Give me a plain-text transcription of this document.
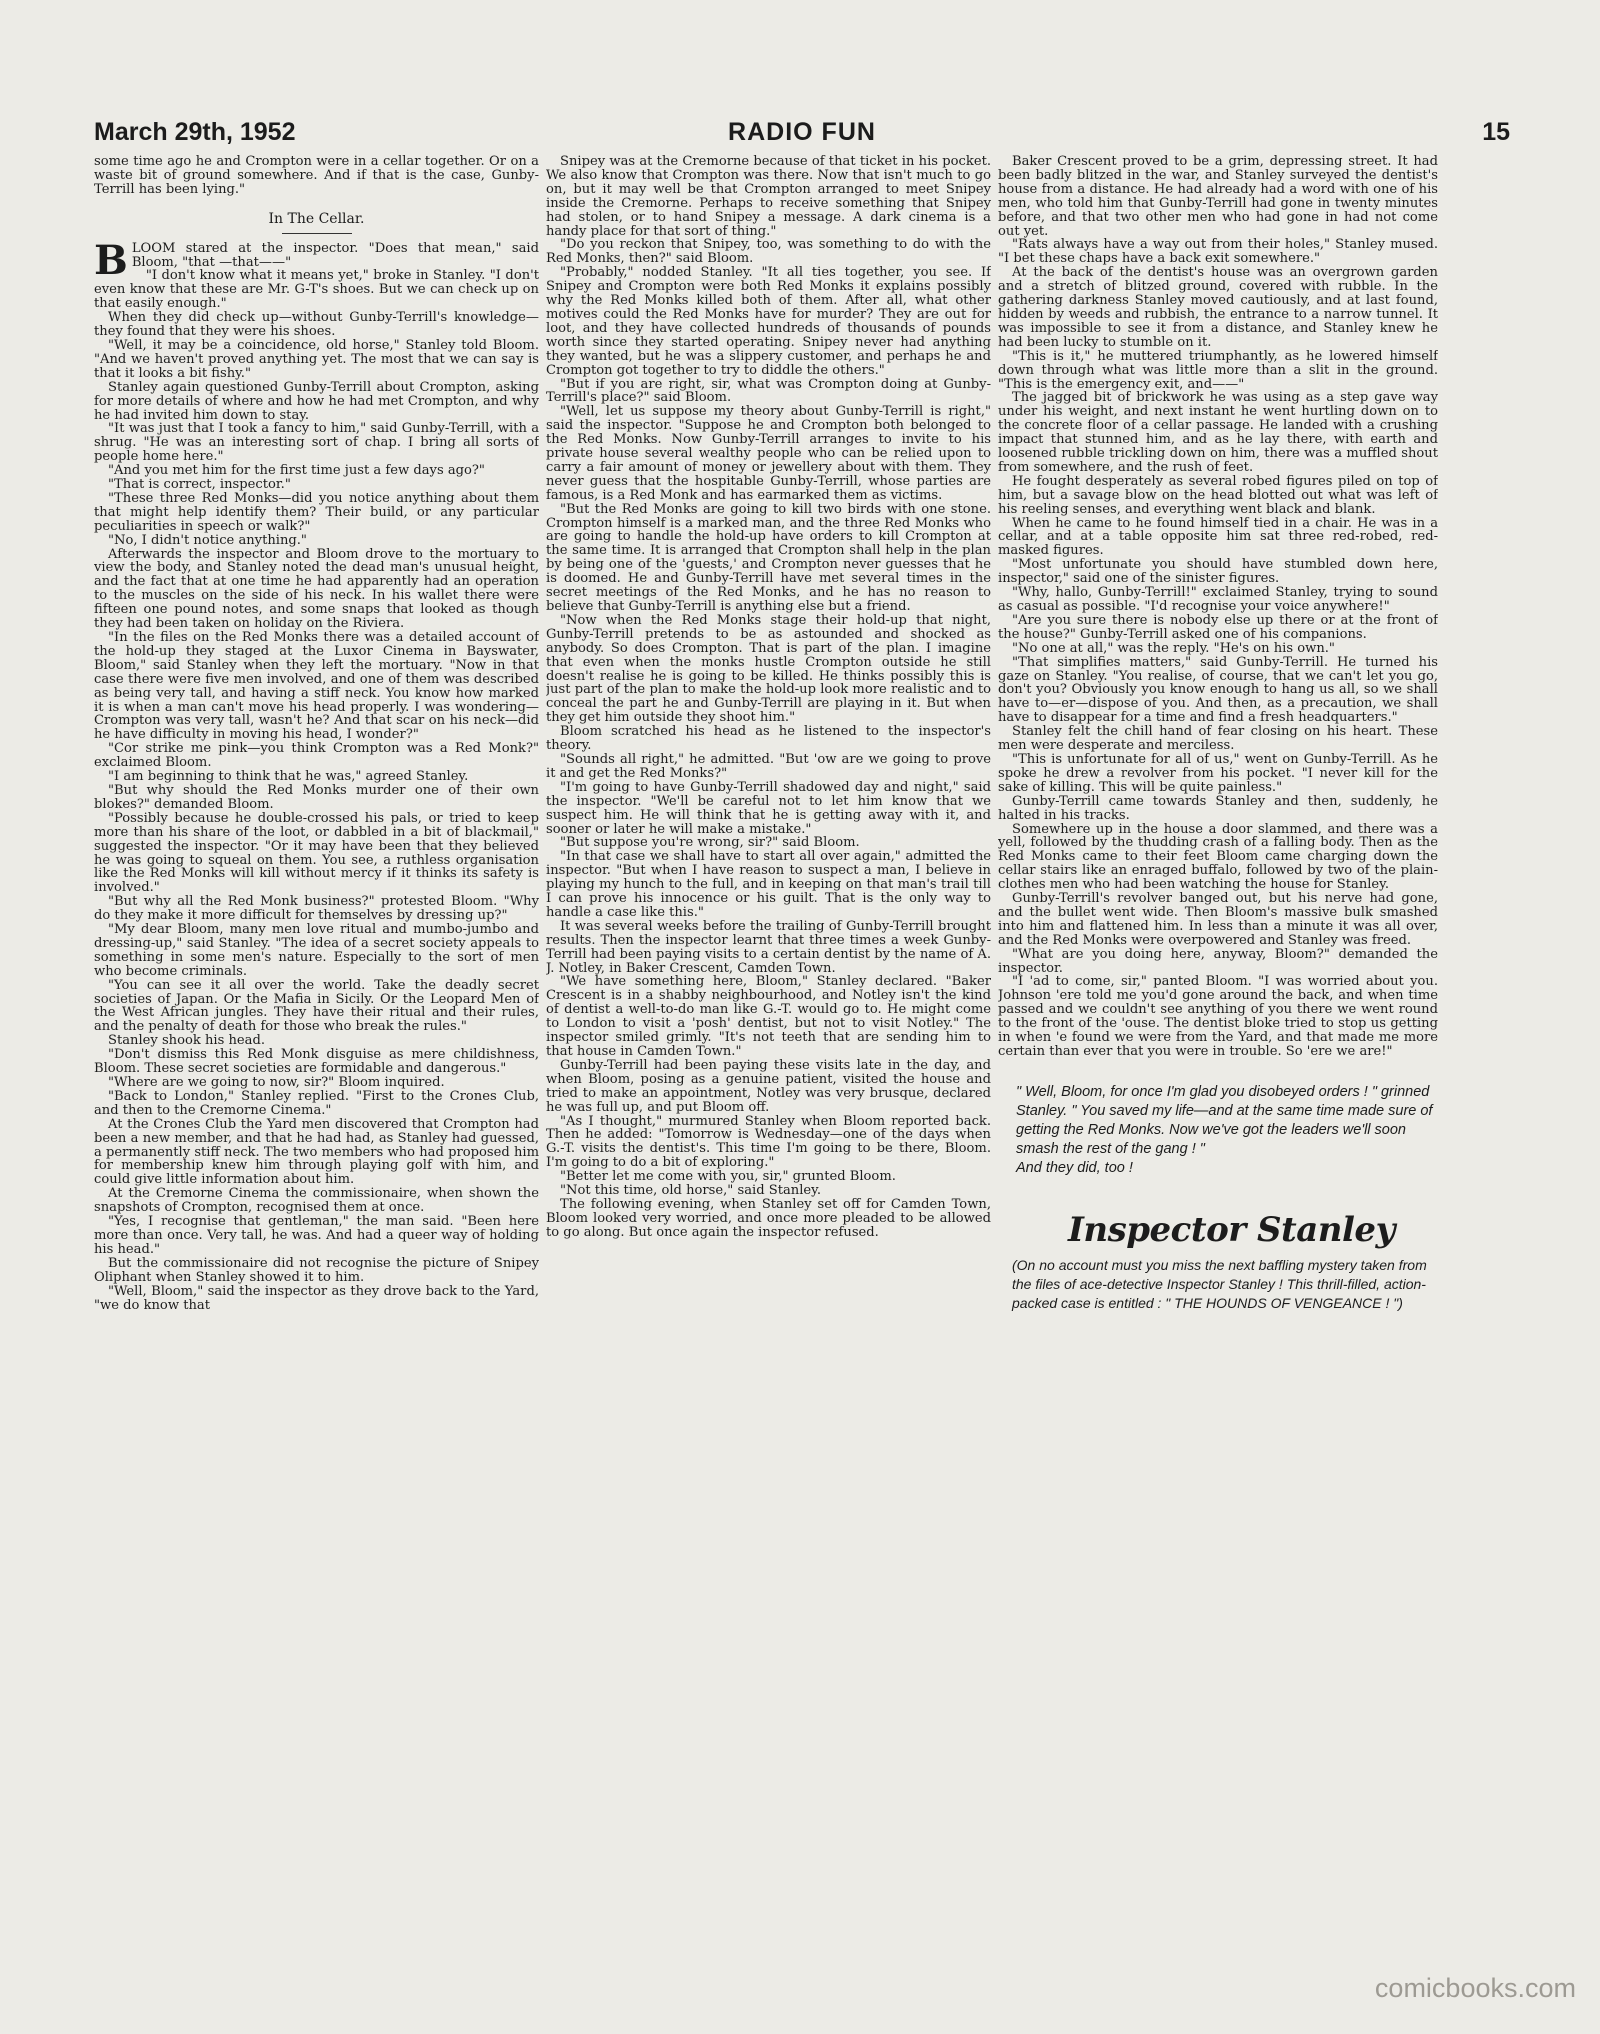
March 29th, 1952	RADIO FUN	15

some time ago he and Crompton were in a cellar together. Or on a waste bit of ground somewhere. And if that is the case, Gunby-Terrill has been lying."

In The Cellar.

BLOOM stared at the inspector. "Does that mean," said Bloom, "that —that——"

"I don't know what it means yet," broke in Stanley. "I don't even know that these are Mr. G-T's shoes. But we can check up on that easily enough."

When they did check up—without Gunby-Terrill's knowledge—they found that they were his shoes.

"Well, it may be a coincidence, old horse," Stanley told Bloom. "And we haven't proved anything yet. The most that we can say is that it looks a bit fishy."

Stanley again questioned Gunby-Terrill about Crompton, asking for more details of where and how he had met Crompton, and why he had invited him down to stay.

"It was just that I took a fancy to him," said Gunby-Terrill, with a shrug. "He was an interesting sort of chap. I bring all sorts of people home here."

"And you met him for the first time just a few days ago?"

"That is correct, inspector."

"These three Red Monks—did you notice anything about them that might help identify them? Their build, or any particular peculiarities in speech or walk?"

"No, I didn't notice anything."

Afterwards the inspector and Bloom drove to the mortuary to view the body, and Stanley noted the dead man's unusual height, and the fact that at one time he had apparently had an operation to the muscles on the side of his neck. In his wallet there were fifteen one pound notes, and some snaps that looked as though they had been taken on holiday on the Riviera.

"In the files on the Red Monks there was a detailed account of the hold-up they staged at the Luxor Cinema in Bayswater, Bloom," said Stanley when they left the mortuary. "Now in that case there were five men involved, and one of them was described as being very tall, and having a stiff neck. You know how marked it is when a man can't move his head properly. I was wondering—Crompton was very tall, wasn't he? And that scar on his neck—did he have difficulty in moving his head, I wonder?"

"Cor strike me pink—you think Crompton was a Red Monk?" exclaimed Bloom.

"I am beginning to think that he was," agreed Stanley.

"But why should the Red Monks murder one of their own blokes?" demanded Bloom.

"Possibly because he double-crossed his pals, or tried to keep more than his share of the loot, or dabbled in a bit of blackmail," suggested the inspector. "Or it may have been that they believed he was going to squeal on them. You see, a ruthless organisation like the Red Monks will kill without mercy if it thinks its safety is involved."

"But why all the Red Monk business?" protested Bloom. "Why do they make it more difficult for themselves by dressing up?"

"My dear Bloom, many men love ritual and mumbo-jumbo and dressing-up," said Stanley. "The idea of a secret society appeals to something in some men's nature. Especially to the sort of men who become criminals.

"You can see it all over the world. Take the deadly secret societies of Japan. Or the Mafia in Sicily. Or the Leopard Men of the West African jungles. They have their ritual and their rules, and the penalty of death for those who break the rules."

Stanley shook his head.

"Don't dismiss this Red Monk disguise as mere childishness, Bloom. These secret societies are formidable and dangerous."

"Where are we going to now, sir?" Bloom inquired.

"Back to London," Stanley replied. "First to the Crones Club, and then to the Cremorne Cinema."

At the Crones Club the Yard men discovered that Crompton had been a new member, and that he had had, as Stanley had guessed, a permanently stiff neck. The two members who had proposed him for membership knew him through playing golf with him, and could give little information about him.

At the Cremorne Cinema the commissionaire, when shown the snapshots of Crompton, recognised them at once.

"Yes, I recognise that gentleman," the man said. "Been here more than once. Very tall, he was. And had a queer way of holding his head."

But the commissionaire did not recognise the picture of Snipey Oliphant when Stanley showed it to him.

"Well, Bloom," said the inspector as they drove back to the Yard, "we do know that

Snipey was at the Cremorne because of that ticket in his pocket. We also know that Crompton was there. Now that isn't much to go on, but it may well be that Crompton arranged to meet Snipey inside the Cremorne. Perhaps to receive something that Snipey had stolen, or to hand Snipey a message. A dark cinema is a handy place for that sort of thing."

"Do you reckon that Snipey, too, was something to do with the Red Monks, then?" said Bloom.

"Probably," nodded Stanley. "It all ties together, you see. If Snipey and Crompton were both Red Monks it explains possibly why the Red Monks killed both of them. After all, what other motives could the Red Monks have for murder? They are out for loot, and they have collected hundreds of thousands of pounds worth since they started operating. Snipey never had anything they wanted, but he was a slippery customer, and perhaps he and Crompton got together to try to diddle the others."

"But if you are right, sir, what was Crompton doing at Gunby-Terrill's place?" said Bloom.

"Well, let us suppose my theory about Gunby-Terrill is right," said the inspector. "Suppose he and Crompton both belonged to the Red Monks. Now Gunby-Terrill arranges to invite to his private house several wealthy people who can be relied upon to carry a fair amount of money or jewellery about with them. They never guess that the hospitable Gunby-Terrill, whose parties are famous, is a Red Monk and has earmarked them as victims.

"But the Red Monks are going to kill two birds with one stone. Crompton himself is a marked man, and the three Red Monks who are going to handle the hold-up have orders to kill Crompton at the same time. It is arranged that Crompton shall help in the plan by being one of the 'guests,' and Crompton never guesses that he is doomed. He and Gunby-Terrill have met several times in the secret meetings of the Red Monks, and he has no reason to believe that Gunby-Terrill is anything else but a friend.

"Now when the Red Monks stage their hold-up that night, Gunby-Terrill pretends to be as astounded and shocked as anybody. So does Crompton. That is part of the plan. I imagine that even when the monks hustle Crompton outside he still doesn't realise he is going to be killed. He thinks possibly this is just part of the plan to make the hold-up look more realistic and to conceal the part he and Gunby-Terrill are playing in it. But when they get him outside they shoot him."

Bloom scratched his head as he listened to the inspector's theory.

"Sounds all right," he admitted. "But 'ow are we going to prove it and get the Red Monks?"

"I'm going to have Gunby-Terrill shadowed day and night," said the inspector. "We'll be careful not to let him know that we suspect him. He will think that he is getting away with it, and sooner or later he will make a mistake."

"But suppose you're wrong, sir?" said Bloom.

"In that case we shall have to start all over again," admitted the inspector. "But when I have reason to suspect a man, I believe in playing my hunch to the full, and in keeping on that man's trail till I can prove his innocence or his guilt. That is the only way to handle a case like this."

It was several weeks before the trailing of Gunby-Terrill brought results. Then the inspector learnt that three times a week Gunby-Terrill had been paying visits to a certain dentist by the name of A. J. Notley, in Baker Crescent, Camden Town.

"We have something here, Bloom," Stanley declared. "Baker Crescent is in a shabby neighbourhood, and Notley isn't the kind of dentist a well-to-do man like G.-T. would go to. He might come to London to visit a 'posh' dentist, but not to visit Notley." The inspector smiled grimly. "It's not teeth that are sending him to that house in Camden Town."

Gunby-Terrill had been paying these visits late in the day, and when Bloom, posing as a genuine patient, visited the house and tried to make an appointment, Notley was very brusque, declared he was full up, and put Bloom off.

"As I thought," murmured Stanley when Bloom reported back. Then he added: "Tomorrow is Wednesday—one of the days when G.-T. visits the dentist's. This time I'm going to be there, Bloom. I'm going to do a bit of exploring."

"Better let me come with you, sir," grunted Bloom.

"Not this time, old horse," said Stanley.

The following evening, when Stanley set off for Camden Town, Bloom looked very worried, and once more pleaded to be allowed to go along. But once again the inspector refused.

Baker Crescent proved to be a grim, depressing street. It had been badly blitzed in the war, and Stanley surveyed the dentist's house from a distance. He had already had a word with one of his men, who told him that Gunby-Terrill had gone in twenty minutes before, and that two other men who had gone in had not come out yet.

"Rats always have a way out from their holes," Stanley mused. "I bet these chaps have a back exit somewhere."

At the back of the dentist's house was an overgrown garden and a stretch of blitzed ground, covered with rubble. In the gathering darkness Stanley moved cautiously, and at last found, hidden by weeds and rubbish, the entrance to a narrow tunnel. It was impossible to see it from a distance, and Stanley knew he had been lucky to stumble on it.

"This is it," he muttered triumphantly, as he lowered himself down through what was little more than a slit in the ground. "This is the emergency exit, and——"

The jagged bit of brickwork he was using as a step gave way under his weight, and next instant he went hurtling down on to the concrete floor of a cellar passage. He landed with a crushing impact that stunned him, and as he lay there, with earth and loosened rubble trickling down on him, there was a muffled shout from somewhere, and the rush of feet.

He fought desperately as several robed figures piled on top of him, but a savage blow on the head blotted out what was left of his reeling senses, and everything went black and blank.

When he came to he found himself tied in a chair. He was in a cellar, and at a table opposite him sat three red-robed, red-masked figures.

"Most unfortunate you should have stumbled down here, inspector," said one of the sinister figures.

"Why, hallo, Gunby-Terrill!" exclaimed Stanley, trying to sound as casual as possible. "I'd recognise your voice anywhere!"

"Are you sure there is nobody else up there or at the front of the house?" Gunby-Terrill asked one of his companions.

"No one at all," was the reply. "He's on his own."

"That simplifies matters," said Gunby-Terrill. He turned his gaze on Stanley. "You realise, of course, that we can't let you go, don't you? Obviously you know enough to hang us all, so we shall have to—er—dispose of you. And then, as a precaution, we shall have to disappear for a time and find a fresh headquarters."

Stanley felt the chill hand of fear closing on his heart. These men were desperate and merciless.

"This is unfortunate for all of us," went on Gunby-Terrill. As he spoke he drew a revolver from his pocket. "I never kill for the sake of killing. This will be quite painless."

Gunby-Terrill came towards Stanley and then, suddenly, he halted in his tracks.

Somewhere up in the house a door slammed, and there was a yell, followed by the thudding crash of a falling body. Then as the Red Monks came to their feet Bloom came charging down the cellar stairs like an enraged buffalo, followed by two of the plain-clothes men who had been watching the house for Stanley.

Gunby-Terrill's revolver banged out, but his nerve had gone, and the bullet went wide. Then Bloom's massive bulk smashed into him and flattened him. In less than a minute it was all over, and the Red Monks were overpowered and Stanley was freed.

"What are you doing here, anyway, Bloom?" demanded the inspector.

"I 'ad to come, sir," panted Bloom. "I was worried about you. Johnson 'ere told me you'd gone around the back, and when time passed and we couldn't see anything of you there we went round to the front of the 'ouse. The dentist bloke tried to stop us getting in when 'e found we were from the Yard, and that made me more certain than ever that you were in trouble. So 'ere we are!"

" Well, Bloom, for once I'm glad you disobeyed orders ! " grinned Stanley. " You saved my life—and at the same time made sure of getting the Red Monks. Now we've got the leaders we'll soon smash the rest of the gang ! "
And they did, too !
Inspector Stanley
(On no account must you miss the next baffling mystery taken from the files of ace-detective Inspector Stanley ! This thrill-filled, action-packed case is entitled : " THE HOUNDS OF VENGEANCE ! ")
comicbooks.com
